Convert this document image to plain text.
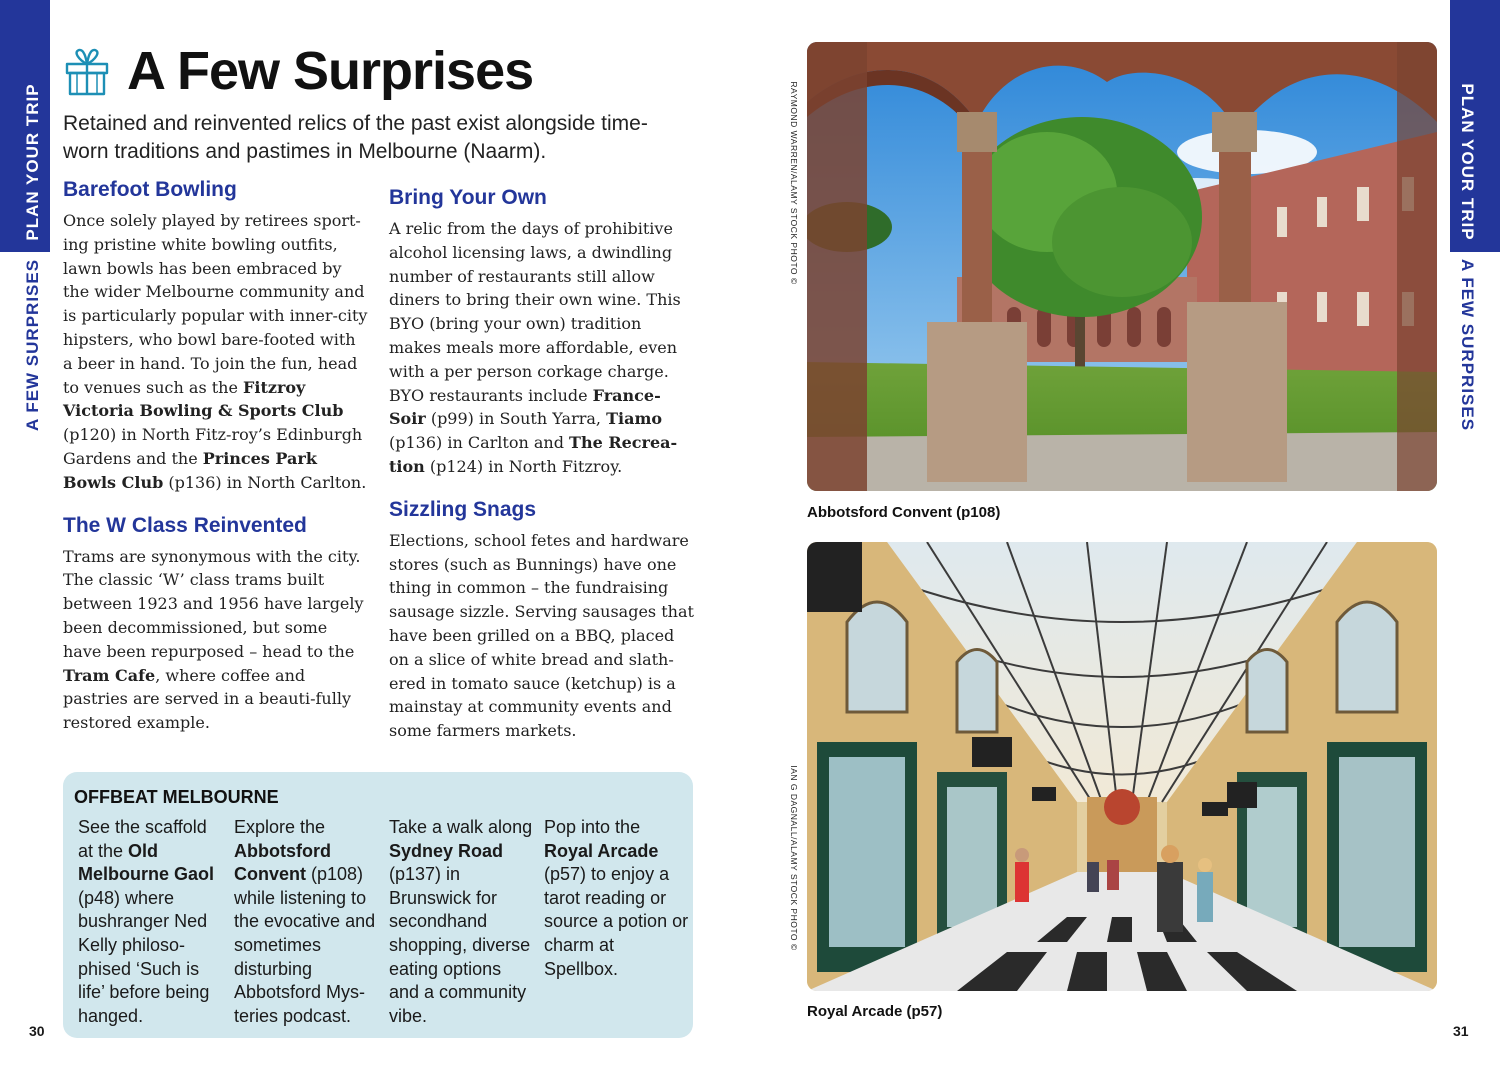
PLAN YOUR TRIP
A FEW SURPRISES
PLAN YOUR TRIP
A FEW SURPRISES
30	31
A Few Surprises

Retained and reinvented relics of the past exist alongside time-worn traditions and pastimes in Melbourne (Naarm).

Barefoot Bowling

Once solely played by retirees sport-ing pristine white bowling outfits, lawn bowls has been embraced by the wider Melbourne community and is particularly popular with inner-city hipsters, who bowl bare-footed with a beer in hand. To join the fun, head to venues such as the Fitzroy Victoria Bowling & Sports Club (p120) in North Fitz-roy’s Edinburgh Gardens and the Princes Park Bowls Club (p136) in North Carlton.

The W Class Reinvented

Trams are synonymous with the city. The classic ‘W’ class trams built between 1923 and 1956 have largely been decommissioned, but some have been repurposed – head to the Tram Cafe, where coffee and pastries are served in a beauti-fully restored example.

Bring Your Own

A relic from the days of prohibitive alcohol licensing laws, a dwindling number of restaurants still allow diners to bring their own wine. This BYO (bring your own) tradition makes meals more affordable, even with a per person corkage charge. BYO restaurants include France-Soir (p99) in South Yarra, Tiamo (p136) in Carlton and The Recrea-tion (p124) in North Fitzroy.

Sizzling Snags

Elections, school fetes and hardware stores (such as Bunnings) have one thing in common – the fundraising sausage sizzle. Serving sausages that have been grilled on a BBQ, placed on a slice of white bread and slath-ered in tomato sauce (ketchup) is a mainstay at community events and some farmers markets.

OFFBEAT MELBOURNE

See the scaffold at the Old Melbourne Gaol (p48) where bushranger Ned Kelly philoso-phised ‘Such is life’ before being hanged.

Explore the Abbotsford Convent (p108) while listening to the evocative and sometimes disturbing Abbotsford Mys-teries podcast.

Take a walk along Sydney Road (p137) in Brunswick for secondhand shopping, diverse eating options and a community vibe.

Pop into the Royal Arcade (p57) to enjoy a tarot reading or source a potion or charm at Spellbox.

RAYMOND WARREN/ALAMY STOCK PHOTO ©
IAN G DAGNALL/ALAMY STOCK PHOTO ©
Abbotsford Convent (p108)
Royal Arcade (p57)
